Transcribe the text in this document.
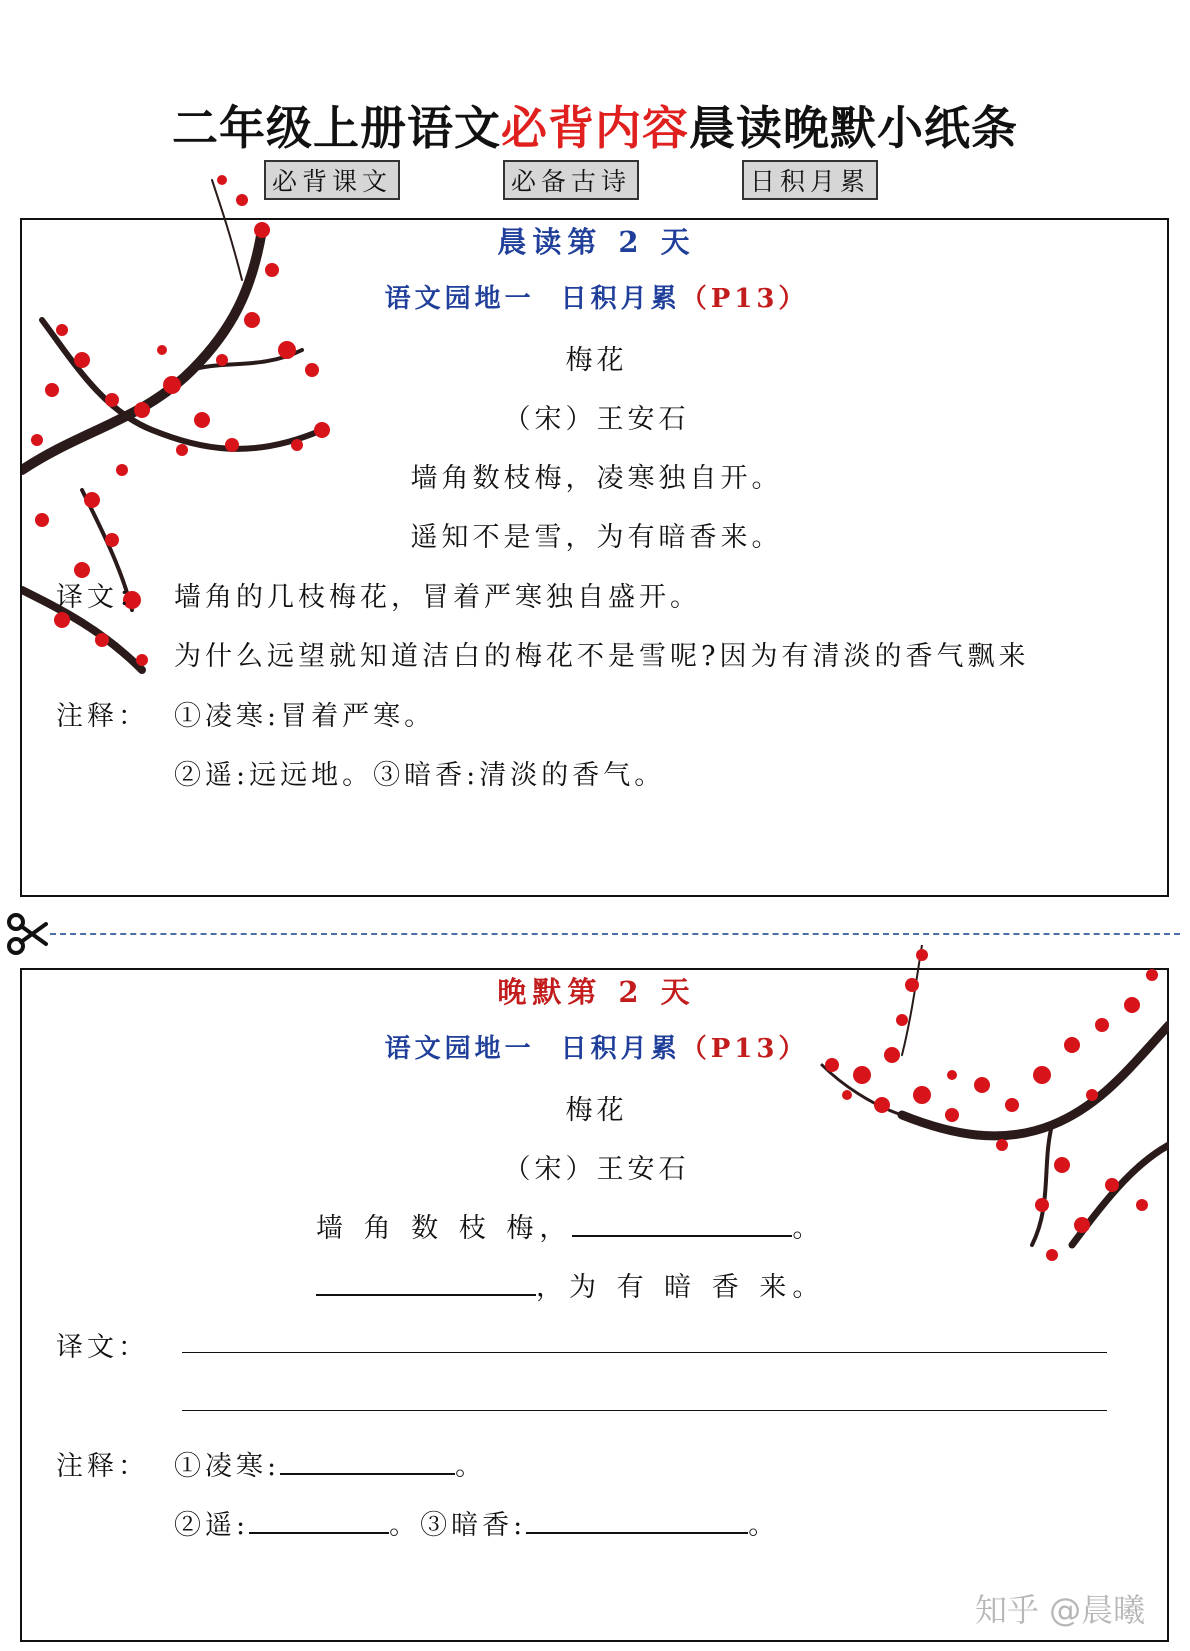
二年级上册语文必背内容晨读晚默小纸条
必背课文	必备古诗	日积月累
晨读第 2 天
语文园地一  日积月累（P13）
梅花
（宋）王安石
墙角数枝梅，凌寒独自开。
遥知不是雪，为有暗香来。
译文： 墙角的几枝梅花，冒着严寒独自盛开。
为什么远望就知道洁白的梅花不是雪呢?因为有清淡的香气飘来
注释： ①凌寒:冒着严寒。
②遥:远远地。③暗香:清淡的香气。
晚默第 2 天
语文园地一  日积月累（P13）
梅花
（宋）王安石
墙 角 数 枝 梅，	。
，为 有 暗 香 来。
译文：
注释： ①凌寒:	。
②遥:	。③暗香:	。
知乎 @晨曦
